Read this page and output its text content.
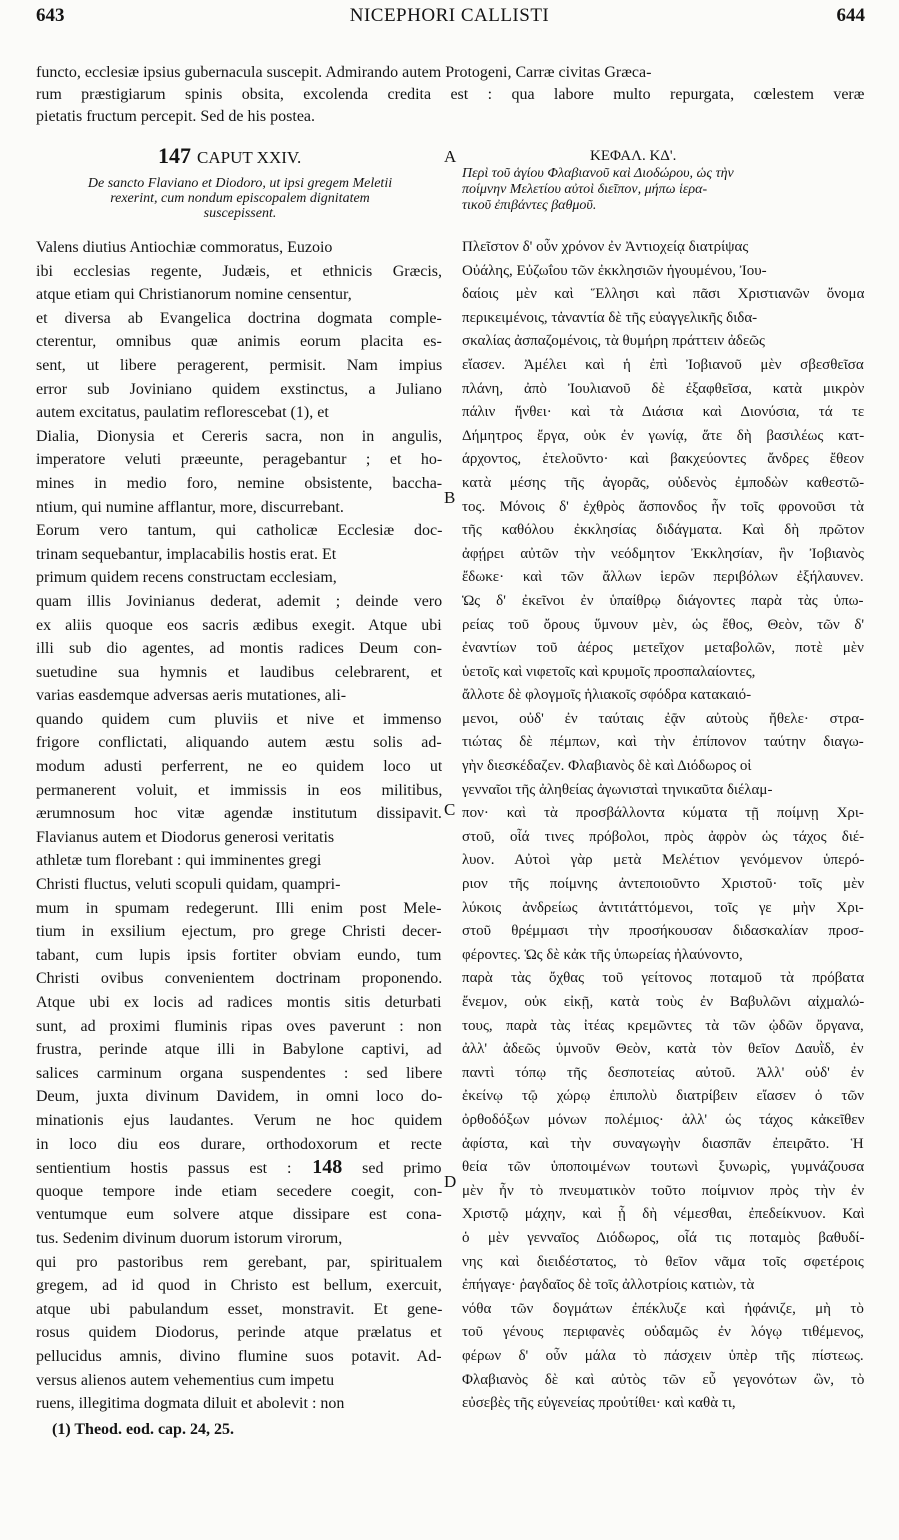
643	NICEPHORI CALLISTI	644
functo, ecclesiæ ipsius gubernacula suscepit. Admirando autem Protogeni, Carræ civitas Græca-
rum præstigiarum spinis obsita, excolenda credita est : qua labore multo repurgata, cœlestem veræ
pietatis fructum percepit. Sed de his postea.
147 CAPUT XXIV.	ΚΕΦΑΛ. ΚΔ'.
A
B
C
D
De sancto Flaviano et Diodoro, ut ipsi gregem Meletii
rexerint, cum nondum episcopalem dignitatem
suscepissent.
Περὶ τοῦ ἁγίου Φλαβιανοῦ καὶ Διοδώρου, ὡς τὴν
ποίμνην Μελετίου αὐτοὶ διεῖπον, μήπω ἱερα-
τικοῦ ἐπιβάντες βαθμοῦ.
Valens diutius Antiochiæ commoratus, Euzoio
ibi ecclesias regente, Judæis, et ethnicis Græcis,
atque etiam qui Christianorum nomine censentur,
et diversa ab Evangelica doctrina dogmata comple-
cterentur, omnibus quæ animis eorum placita es-
sent, ut libere peragerent, permisit. Nam impius
error sub Joviniano quidem exstinctus, a Juliano
autem excitatus, paulatim reflorescebat (1), et
Dialia, Dionysia et Cereris sacra, non in angulis,
imperatore veluti præeunte, peragebantur ; et ho-
mines in medio foro, nemine obsistente, baccha-
ntium, qui numine afflantur, more, discurrebant.
Eorum vero tantum, qui catholicæ Ecclesiæ doc-
trinam sequebantur, implacabilis hostis erat. Et
primum quidem recens constructam ecclesiam,
quam illis Jovinianus dederat, ademit ; deinde vero
ex aliis quoque eos sacris ædibus exegit. Atque ubi
illi sub dio agentes, ad montis radices Deum con-
suetudine sua hymnis et laudibus celebrarent, et
varias easdemque adversas aeris mutationes, ali-
quando quidem cum pluviis et nive et immenso
frigore conflictati, aliquando autem æstu solis ad-
modum adusti perferrent, ne eo quidem loco ut
permanerent voluit, et immissis in eos militibus,
ærumnosum hoc vitæ agendæ institutum dissipavit.
Flavianus autem et Diodorus generosi veritatis
athletæ tum florebant : qui imminentes gregi
Christi fluctus, veluti scopuli quidam, quampri-
mum in spumam redegerunt. Illi enim post Mele-
tium in exsilium ejectum, pro grege Christi decer-
tabant, cum lupis ipsis fortiter obviam eundo, tum
Christi ovibus convenientem doctrinam proponendo.
Atque ubi ex locis ad radices montis sitis deturbati
sunt, ad proximi fluminis ripas oves paverunt : non
frustra, perinde atque illi in Babylone captivi, ad
salices carminum organa suspendentes : sed libere
Deum, juxta divinum Davidem, in omni loco do-
minationis ejus laudantes. Verum ne hoc quidem
in loco diu eos durare, orthodoxorum et recte
sentientium hostis passus est : 148 sed primo
quoque tempore inde etiam secedere coegit, con-
ventumque eum solvere atque dissipare est cona-
tus. Sedenim divinum duorum istorum virorum,
qui pro pastoribus rem gerebant, par, spiritualem
gregem, ad id quod in Christo est bellum, exercuit,
atque ubi pabulandum esset, monstravit. Et gene-
rosus quidem Diodorus, perinde atque prælatus et
pellucidus amnis, divino flumine suos potavit. Ad-
versus alienos autem vehementius cum impetu
ruens, illegitima dogmata diluit et abolevit : non
Πλεῖστον δ' οὖν χρόνον ἐν Ἀντιοχείᾳ διατρίψας
Οὐάλης, Εὐζωΐου τῶν ἐκκλησιῶν ἡγουμένου, Ἰου-
δαίοις μὲν καὶ Ἕλλησι καὶ πᾶσι Χριστιανῶν ὄνομα
περικειμένοις, τἀναντία δὲ τῆς εὐαγγελικῆς διδα-
σκαλίας ἀσπαζομένοις, τὰ θυμήρη πράττειν ἀδεῶς
εἴασεν. Ἀμέλει καὶ ἡ ἐπὶ Ἰοβιανοῦ μὲν σβεσθεῖσα
πλάνη, ἀπὸ Ἰουλιανοῦ δὲ ἐξαφθεῖσα, κατὰ μικρὸν
πάλιν ἤνθει· καὶ τὰ Διάσια καὶ Διονύσια, τά τε
Δήμητρος ἔργα, οὐκ ἐν γωνίᾳ, ἅτε δὴ βασιλέως κατ-
άρχοντος, ἐτελοῦντο· καὶ βακχεύοντες ἄνδρες ἔθεον
κατὰ μέσης τῆς ἀγορᾶς, οὐδενὸς ἐμποδὼν καθεστῶ-
τος. Μόνοις δ' ἐχθρὸς ἄσπονδος ἦν τοῖς φρονοῦσι τὰ
τῆς καθόλου ἐκκλησίας διδάγματα. Καὶ δὴ πρῶτον
ἀφῄρει αὐτῶν τὴν νεόδμητον Ἐκκλησίαν, ἣν Ἰοβιανὸς
ἔδωκε· καὶ τῶν ἄλλων ἱερῶν περιβόλων ἐξήλαυνεν.
Ὡς δ' ἐκεῖνοι ἐν ὑπαίθρῳ διάγοντες παρὰ τὰς ὑπω-
ρείας τοῦ ὄρους ὕμνουν μὲν, ὡς ἔθος, Θεὸν, τῶν δ'
ἐναντίων τοῦ ἀέρος μετεῖχον μεταβολῶν, ποτὲ μὲν
ὑετοῖς καὶ νιφετοῖς καὶ κρυμοῖς προσπαλαίοντες,
ἄλλοτε δὲ φλογμοῖς ἡλιακοῖς σφόδρα κατακαιό-
μενοι, οὐδ' ἐν ταύταις ἐᾷν αὐτοὺς ἤθελε· στρα-
τιώτας δὲ πέμπων, καὶ τὴν ἐπίπονον ταύτην διαγω-
γὴν διεσκέδαζεν. Φλαβιανὸς δὲ καὶ Διόδωρος οἱ
γενναῖοι τῆς ἀληθείας ἀγωνισταὶ τηνικαῦτα διέλαμ-
πον· καὶ τὰ προσβάλλοντα κύματα τῇ ποίμνῃ Χρι-
στοῦ, οἷά τινες πρόβολοι, πρὸς ἀφρὸν ὡς τάχος διέ-
λυον. Αὐτοὶ γὰρ μετὰ Μελέτιον γενόμενον ὑπερό-
ριον τῆς ποίμνης ἀντεποιοῦντο Χριστοῦ· τοῖς μὲν
λύκοις ἀνδρείως ἀντιτάττόμενοι, τοῖς γε μὴν Χρι-
στοῦ θρέμμασι τὴν προσήκουσαν διδασκαλίαν προσ-
φέροντες. Ὡς δὲ κἀκ τῆς ὑπωρείας ἠλαύνοντο,
παρὰ τὰς ὄχθας τοῦ γείτονος ποταμοῦ τὰ πρόβατα
ἔνεμον, οὐκ εἰκῇ, κατὰ τοὺς ἐν Βαβυλῶνι αἰχμαλώ-
τους, παρὰ τὰς ἰτέας κρεμῶντες τὰ τῶν ᾠδῶν ὄργανα,
ἀλλ' ἀδεῶς ὑμνοῦν Θεὸν, κατὰ τὸν θεῖον Δαυῒδ, ἐν
παντὶ τόπῳ τῆς δεσποτείας αὐτοῦ. Ἀλλ' οὐδ' ἐν
ἐκείνῳ τῷ χώρῳ ἐπιπολὺ διατρίβειν εἴασεν ὁ τῶν
ὀρθοδόξων μόνων πολέμιος· ἀλλ' ὡς τάχος κἀκεῖθεν
ἀφίστα, καὶ τὴν συναγωγὴν διασπᾶν ἐπειρᾶτο. Ἡ
θεία τῶν ὑποποιμένων τουτωνὶ ξυνωρὶς, γυμνάζουσα
μὲν ἦν τὸ πνευματικὸν τοῦτο ποίμνιον πρὸς τὴν ἐν
Χριστῷ μάχην, καὶ ᾗ δὴ νέμεσθαι, ἐπεδείκνυον. Καὶ
ὁ μὲν γενναῖος Διόδωρος, οἷά τις ποταμὸς βαθυδί-
νης καὶ διειδέστατος, τὸ θεῖον νᾶμα τοῖς σφετέροις
ἐπήγαγε· ῥαγδαῖος δὲ τοῖς ἀλλοτρίοις κατιὼν, τὰ
νόθα τῶν δογμάτων ἐπέκλυζε καὶ ἠφάνιζε, μὴ τὸ
τοῦ γένους περιφανὲς οὐδαμῶς ἐν λόγῳ τιθέμενος,
φέρων δ' οὖν μάλα τὸ πάσχειν ὑπὲρ τῆς πίστεως.
Φλαβιανὸς δὲ καὶ αὐτὸς τῶν εὖ γεγονότων ὢν, τὸ
εὐσεβὲς τῆς εὐγενείας προὐτίθει· καὶ καθὰ τι,
(1) Theod. eod. cap. 24, 25.
